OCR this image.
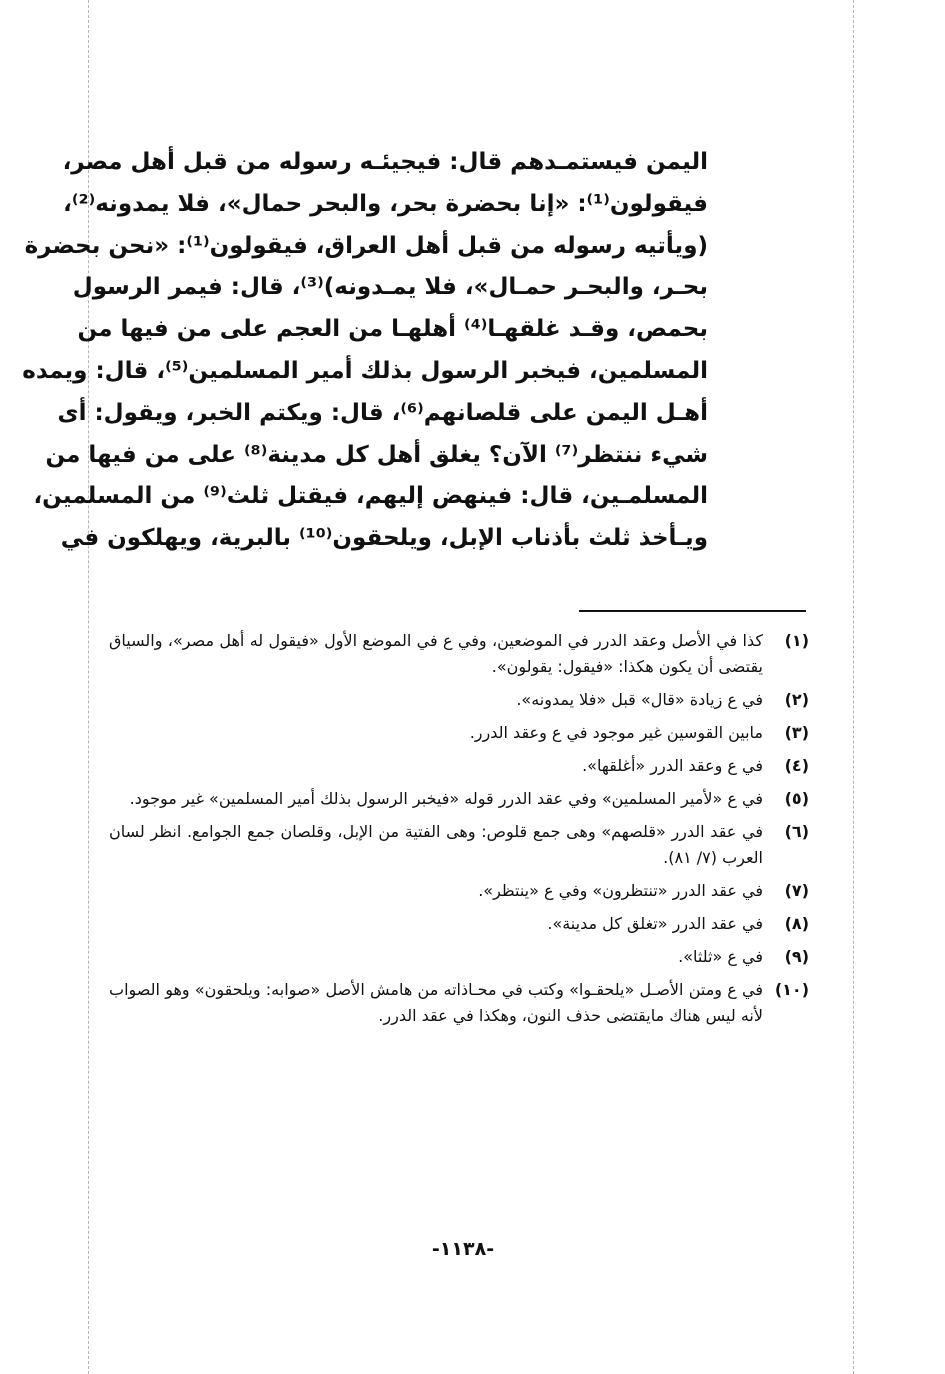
اليمن فيستمـدهم قال: فيجيئـه رسوله من قبل أهل مصر،
فيقولون⁽¹⁾: «إنا بحضرة بحر، والبحر حمال»، فلا يمدونه⁽²⁾،
(ويأتيه رسوله من قبل أهل العراق، فيقولون⁽¹⁾: «نحن بحضرة
بحـر، والبحـر حمـال»، فلا يمـدونه)⁽³⁾، قال: فيمر الرسول
بحمص، وقـد غلقهـا⁽⁴⁾ أهلهـا من العجم على من فيها من
المسلمين، فيخبر الرسول بذلك أمير المسلمين⁽⁵⁾، قال: ويمده
أهـل اليمن على قلصانهم⁽⁶⁾، قال: ويكتم الخبر، ويقول: أى
شيء ننتظر⁽⁷⁾ الآن؟ يغلق أهل كل مدينة⁽⁸⁾ على من فيها من
المسلمـين، قال: فينهض إليهم، فيقتل ثلث⁽⁹⁾ من المسلمين،
ويـأخذ ثلث بأذناب الإبل، ويلحقون⁽¹⁰⁾ بالبرية، ويهلكون في
(١)
كذا في الأصل وعقد الدرر في الموضعين، وفي ع في الموضع الأول «فيقول له أهل مصر»، والسياق يقتضى أن يكون هكذا: «فيقول: يقولون».
(٢)
في ع زيادة «قال» قبل «فلا يمدونه».
(٣)
مابين القوسين غير موجود في ع وعقد الدرر.
(٤)
في ع وعقد الدرر «أغلقها».
(٥)
في ع «لأمير المسلمين» وفي عقد الدرر قوله «فيخبر الرسول بذلك أمير المسلمين» غير موجود.
(٦)
في عقد الدرر «قلصهم» وهى جمع قلوص: وهى الفتية من الإبل، وقلصان جمع الجوامع. انظر لسان العرب (٧/ ٨١).
(٧)
في عقد الدرر «تنتظرون» وفي ع «ينتظر».
(٨)
في عقد الدرر «تغلق كل مدينة».
(٩)
في ع «ثلثا».
(١٠)
في ع ومتن الأصـل «يلحقـوا» وكتب في محـاذاته من هامش الأصل «صوابه: ويلحقون» وهو الصواب لأنه ليس هناك مايقتضى حذف النون، وهكذا في عقد الدرر.
-١١٣٨-
